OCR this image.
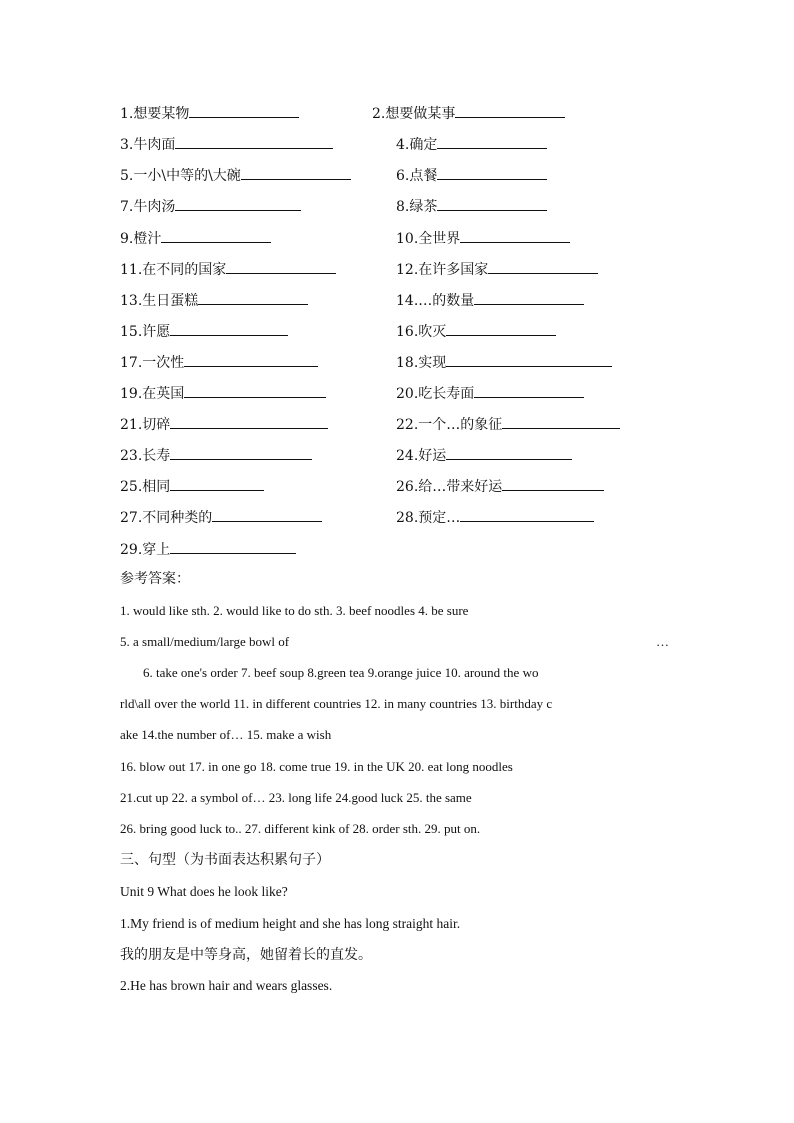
1.想要某物	2.想要做某事
3.牛肉面	4.确定
5.一小\中等的\大碗	6.点餐
7.牛肉汤	8.绿茶
9.橙汁	10.全世界
11.在不同的国家	12.在许多国家
13.生日蛋糕	14.…的数量
15.许愿	16.吹灭
17.一次性	18.实现
19.在英国	20.吃长寿面
21.切碎	22.一个…的象征
23.长寿	24.好运
25.相同	26.给…带来好运
27.不同种类的	28.预定…
29.穿上
参考答案：
1. would like sth. 2. would like to do sth. 3. beef noodles 4. be sure
5. a small/medium/large bowl of	…
6. take one's order 7. beef soup 8.green tea 9.orange juice 10. around the wo
rld\all over the world 11. in different countries 12. in many countries 13. birthday c
ake 14.the number of… 15. make a wish
16. blow out 17. in one go 18. come true 19. in the UK 20. eat long noodles
21.cut up 22. a symbol of… 23. long life 24.good luck 25. the same
26. bring good luck to.. 27. different kink of 28. order sth. 29. put on.
三、句型（为书面表达积累句子）
Unit 9 What does he look like?
1.My friend is of medium height and she has long straight hair.
我的朋友是中等身高，她留着长的直发。
2.He has brown hair and wears glasses.
